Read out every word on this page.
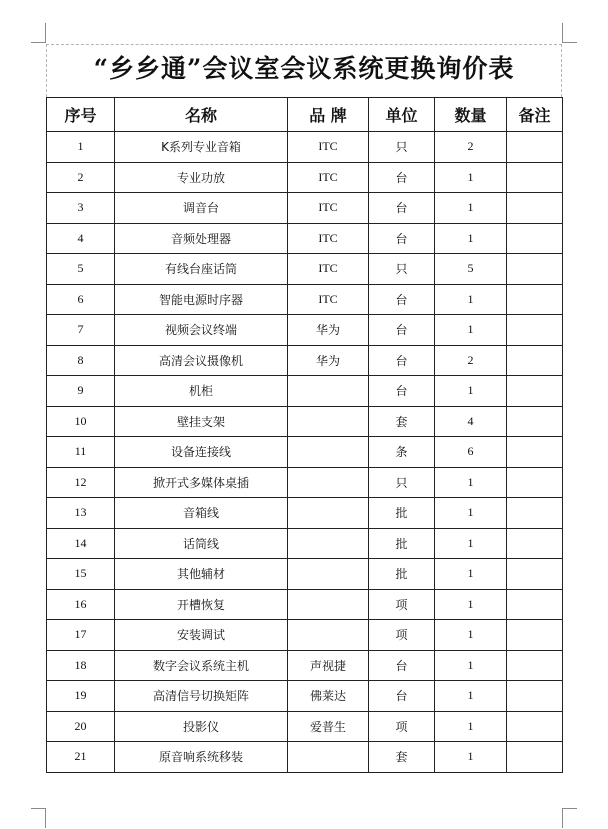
“乡乡通”会议室会议系统更换询价表
序号	名称	品 牌	单位	数量	备注
1	K系列专业音箱	ITC	只	2	
2	专业功放	ITC	台	1	
3	调音台	ITC	台	1	
4	音频处理器	ITC	台	1	
5	有线台座话筒	ITC	只	5	
6	智能电源时序器	ITC	台	1	
7	视频会议终端	华为	台	1	
8	高清会议摄像机	华为	台	2	
9	机柜		台	1	
10	壁挂支架		套	4	
11	设备连接线		条	6	
12	掀开式多媒体桌插		只	1	
13	音箱线		批	1	
14	话筒线		批	1	
15	其他辅材		批	1	
16	开槽恢复		项	1	
17	安装调试		项	1	
18	数字会议系统主机	声视捷	台	1	
19	高清信号切换矩阵	佛莱达	台	1	
20	投影仪	爱普生	项	1	
21	原音响系统移装		套	1	
